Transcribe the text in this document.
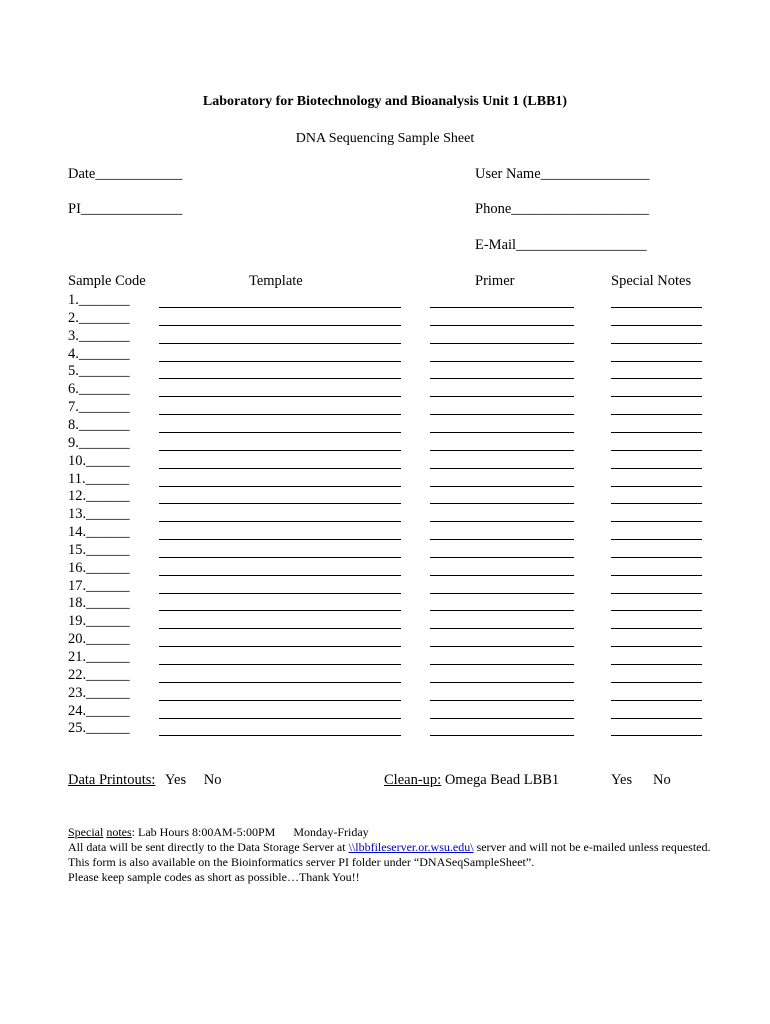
Laboratory for Biotechnology and Bioanalysis Unit 1 (LBB1)
DNA Sequencing Sample Sheet
Date____________
PI______________
User Name_______________
Phone___________________
E-Mail__________________
Sample Code	Template	Primer	Special Notes
1._______
2._______
3._______
4._______
5._______
6._______
7._______
8._______
9._______
10.______
11.______
12.______
13.______
14.______
15.______
16.______
17.______
18.______
19.______
20.______
21.______
22.______
23.______
24.______
25.______
Data Printouts: Yes No	Clean-up: Omega Bead LBB1	Yes No
Special notes: Lab Hours 8:00AM-5:00PM      Monday-Friday
All data will be sent directly to the Data Storage Server at \\lbbfileserver.or.wsu.edu\ server and will not be e-mailed unless requested.
This form is also available on the Bioinformatics server PI folder under “DNASeqSampleSheet”.
Please keep sample codes as short as possible…Thank You!!
